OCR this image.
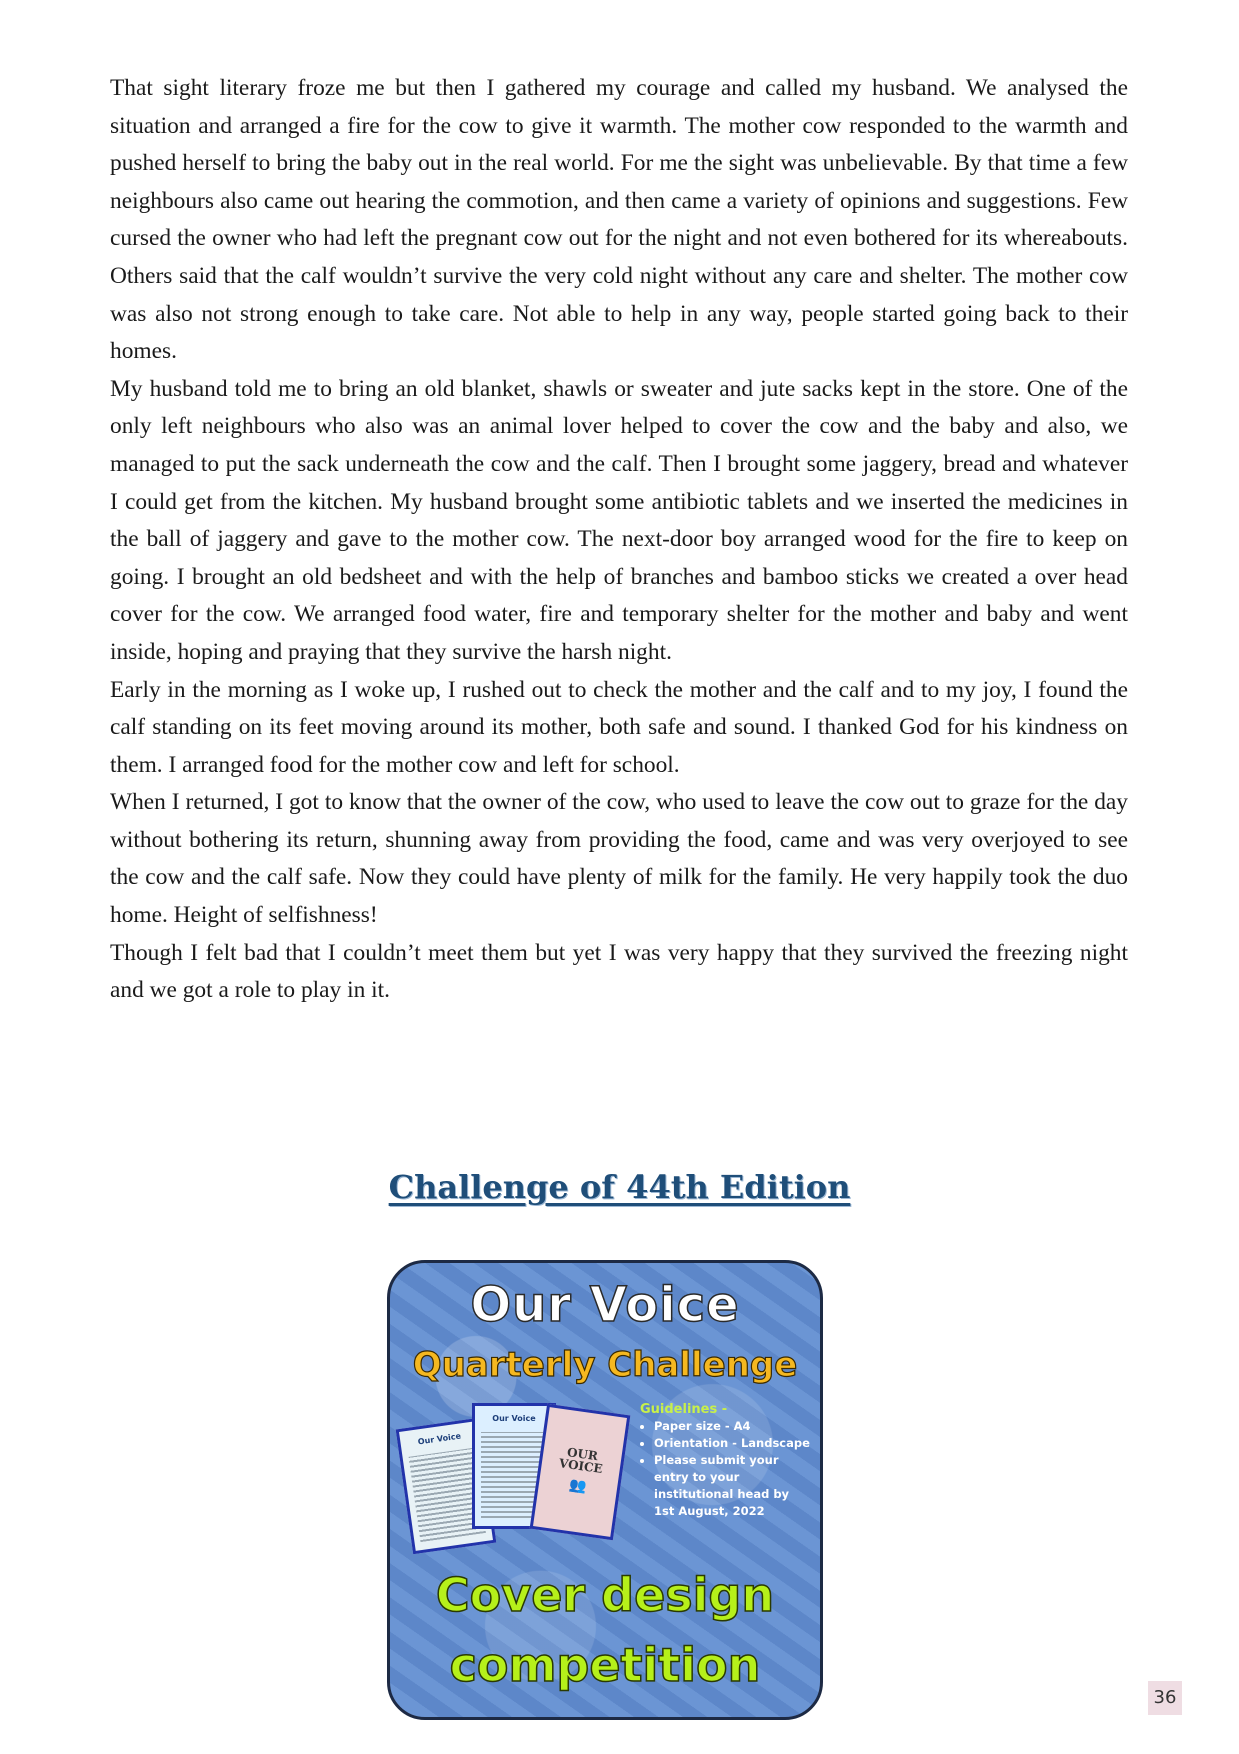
That sight literary froze me but then I gathered my courage and called my husband. We analysed the situation and arranged a fire for the cow to give it warmth. The mother cow responded to the warmth and pushed herself to bring the baby out in the real world. For me the sight was unbelievable. By that time a few neighbours also came out hearing the commotion, and then came a variety of opinions and suggestions. Few cursed the owner who had left the pregnant cow out for the night and not even bothered for its whereabouts. Others said that the calf wouldn’t survive the very cold night without any care and shelter. The mother cow was also not strong enough to take care. Not able to help in any way, people started going back to their homes.

My husband told me to bring an old blanket, shawls or sweater and jute sacks kept in the store. One of the only left neighbours who also was an animal lover helped to cover the cow and the baby and also, we managed to put the sack underneath the cow and the calf. Then I brought some jaggery, bread and whatever I could get from the kitchen. My husband brought some antibiotic tablets and we inserted the medicines in the ball of jaggery and gave to the mother cow. The next-door boy arranged wood for the fire to keep on going. I brought an old bedsheet and with the help of branches and bamboo sticks we created a over head cover for the cow. We arranged food water, fire and temporary shelter for the mother and baby and went inside, hoping and praying that they survive the harsh night.

Early in the morning as I woke up, I rushed out to check the mother and the calf and to my joy, I found the calf standing on its feet moving around its mother, both safe and sound. I thanked God for his kindness on them. I arranged food for the mother cow and left for school.

When I returned, I got to know that the owner of the cow, who used to leave the cow out to graze for the day without bothering its return, shunning away from providing the food, came and was very overjoyed to see the cow and the calf safe. Now they could have plenty of milk for the family. He very happily took the duo home. Height of selfishness!

Though I felt bad that I couldn’t meet them but yet I was very happy that they survived the freezing night and we got a role to play in it.

Challenge of 44th Edition
Our Voice
Quarterly Challenge
Our Voice
Our Voice
OUR VOICE
👥
Guidelines -
• Paper size - A4
• Orientation - Landscape
• Please submit your entry to your institutional head by 1st August, 2022
Cover design
competition
36
